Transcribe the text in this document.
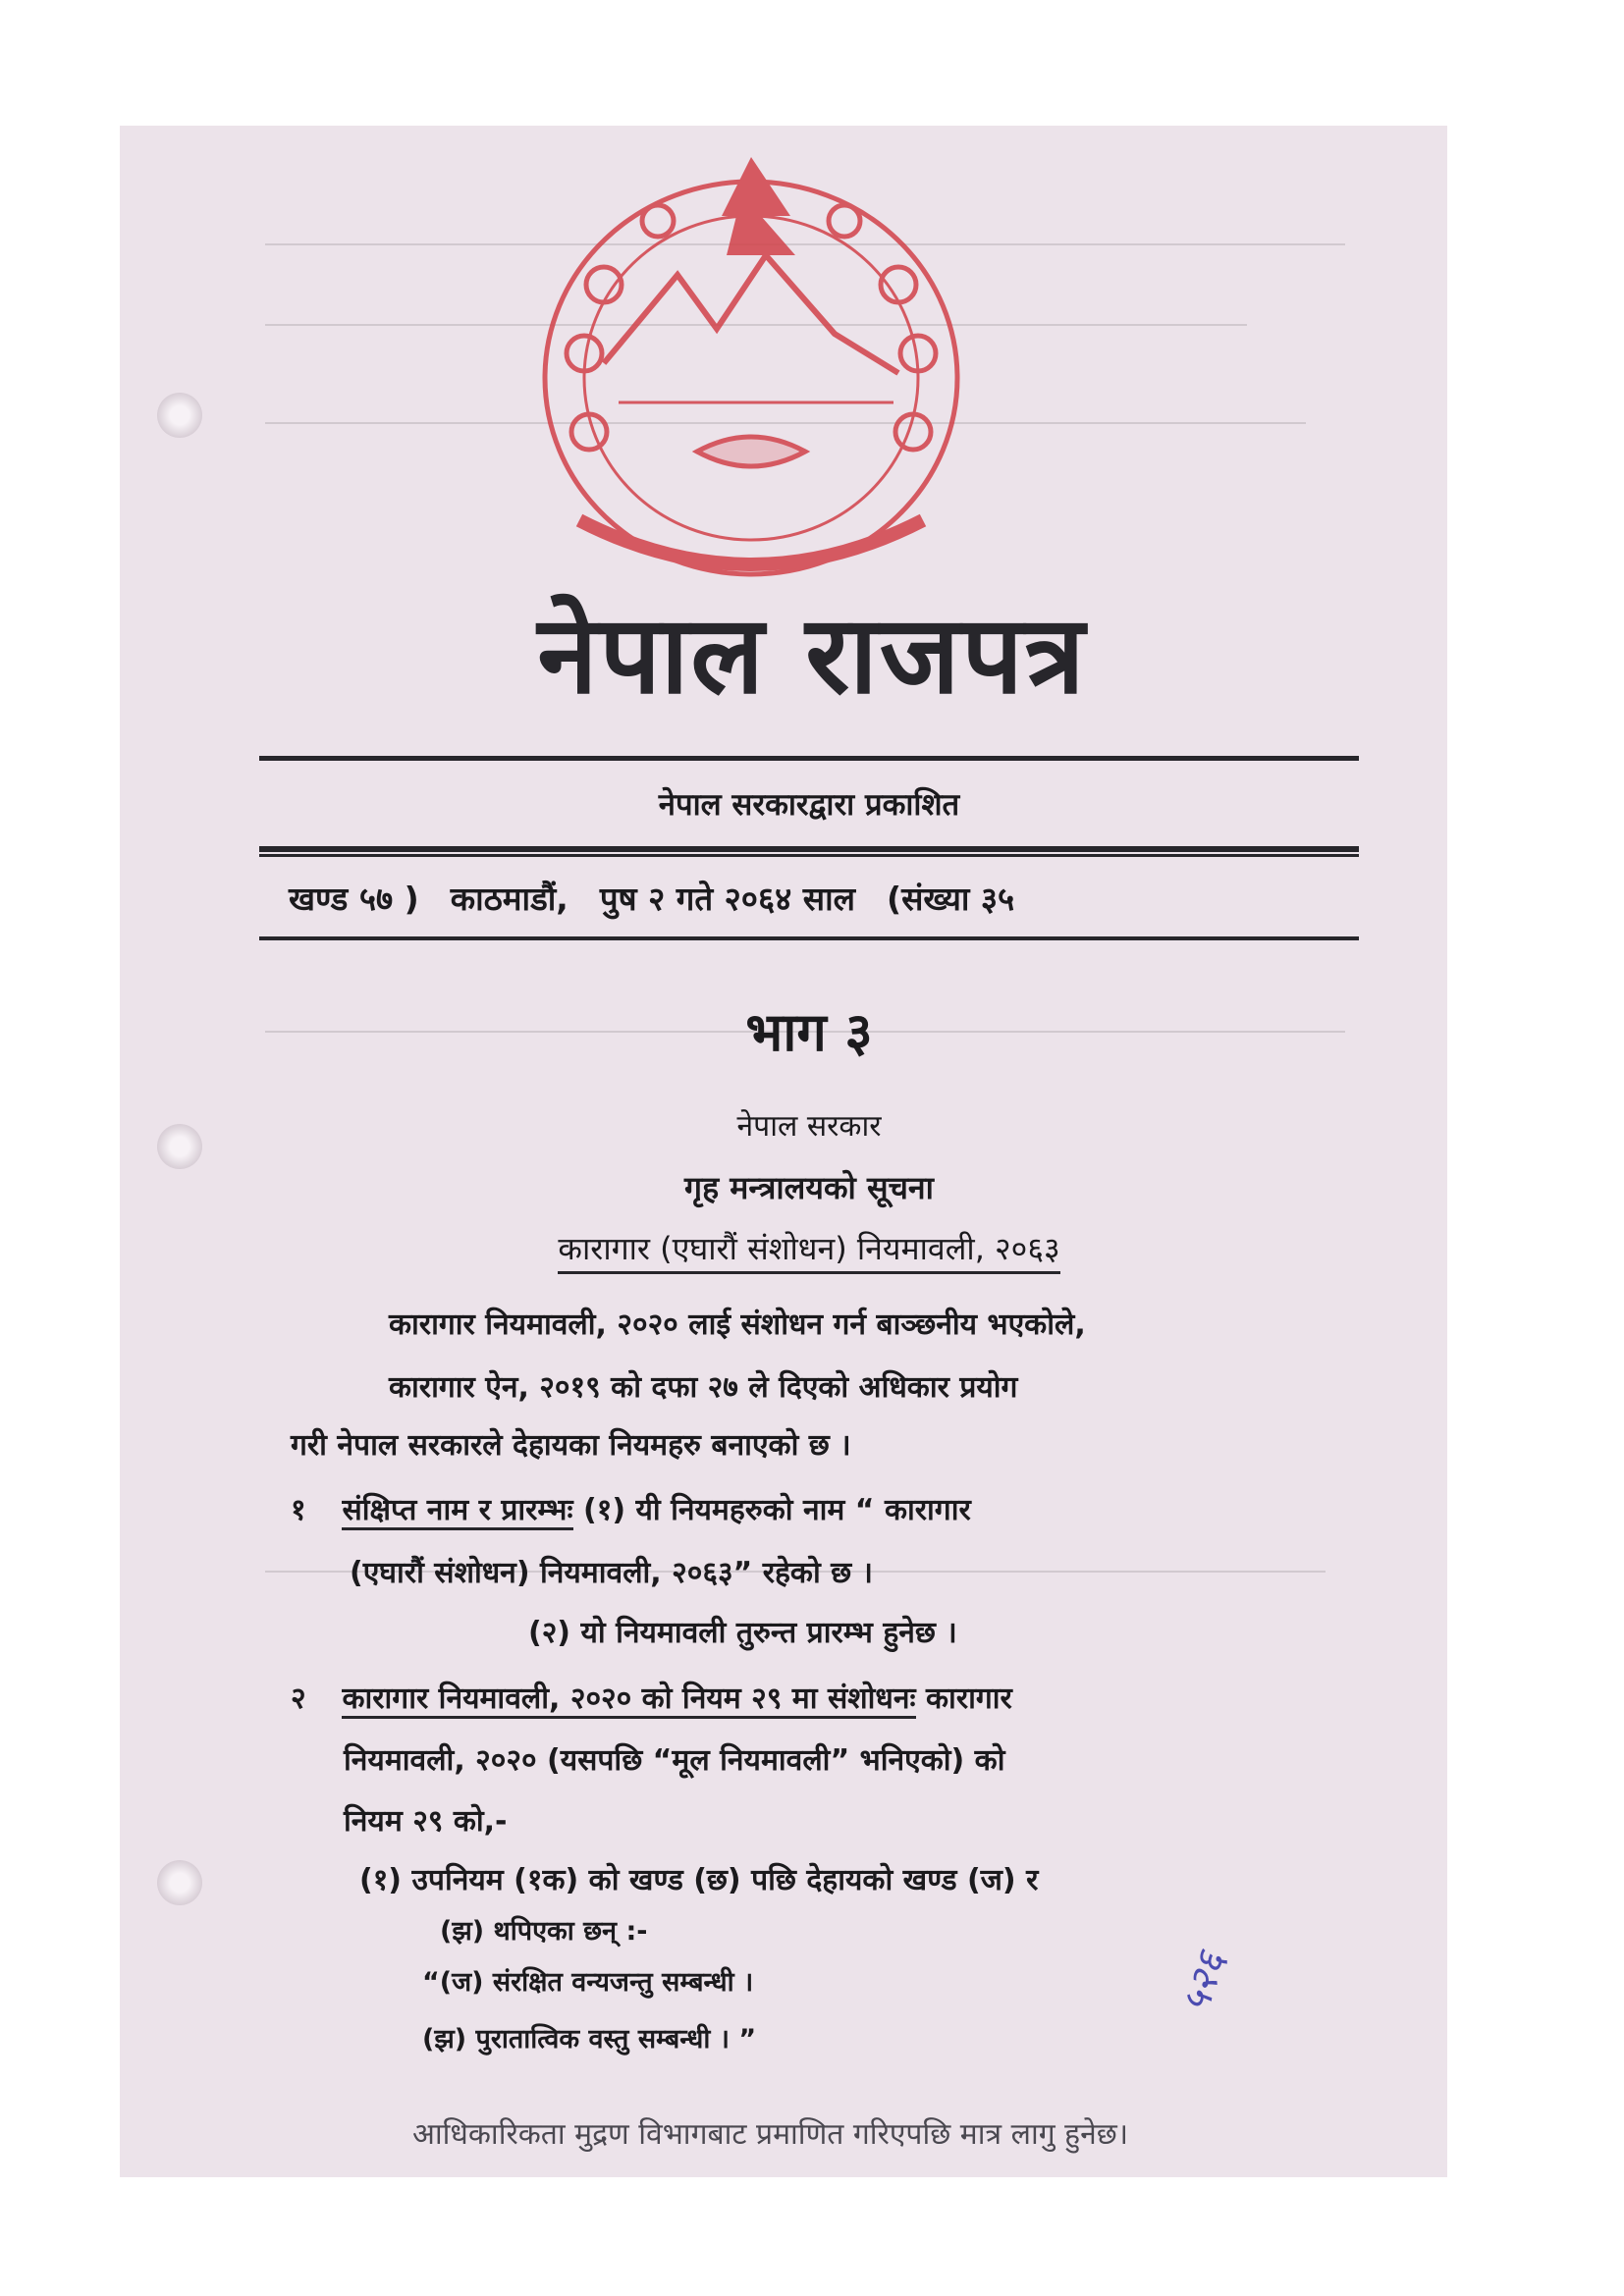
नेपाल राजपत्र
नेपाल सरकारद्वारा प्रकाशित
खण्ड ५७ ) काठमाडौं, पुष २ गते २०६४ साल (संख्या ३५
भाग ३
नेपाल सरकार
गृह मन्त्रालयको सूचना
कारागार (एघारौं संशोधन) नियमावली, २०६३
कारागार नियमावली, २०२० लाई संशोधन गर्न बाञ्छनीय भएकोले,
कारागार ऐन, २०१९ को दफा २७ ले दिएको अधिकार प्रयोग
गरी नेपाल सरकारले देहायका नियमहरु बनाएको छ ।
१ संक्षिप्त नाम र प्रारम्भः (१) यी नियमहरुको नाम “ कारागार
(एघारौं संशोधन) नियमावली, २०६३” रहेको छ ।
(२) यो नियमावली तुरुन्त प्रारम्भ हुनेछ ।
२ कारागार नियमावली, २०२० को नियम २९ मा संशोधनः कारागार
नियमावली, २०२० (यसपछि “मूल नियमावली” भनिएको) को
नियम २९ को,-
(१) उपनियम (१क) को खण्ड (छ) पछि देहायको खण्ड (ज) र
(झ) थपिएका छन् :-
“(ज) संरक्षित वन्यजन्तु सम्बन्धी ।
(झ) पुरातात्विक वस्तु सम्बन्धी । ”
५२६
आधिकारिकता मुद्रण विभागबाट प्रमाणित गरिएपछि मात्र लागु हुनेछ।
